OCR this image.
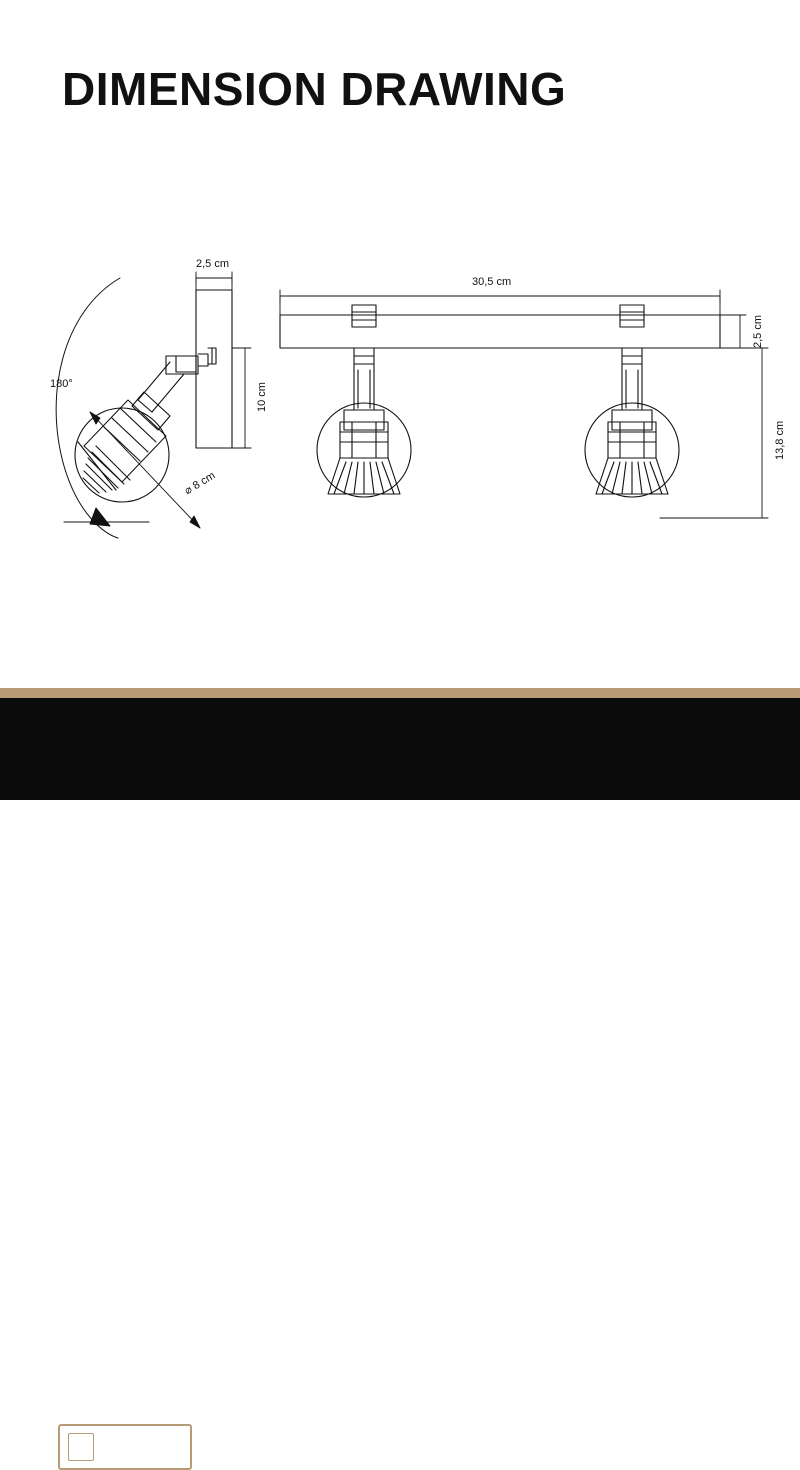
DIMENSION DRAWING
2,5 cm
10 cm
180°
⌀ 8 cm
30,5 cm
2,5 cm
13,8 cm
2	YEAR
WARRANTY	Olucia
